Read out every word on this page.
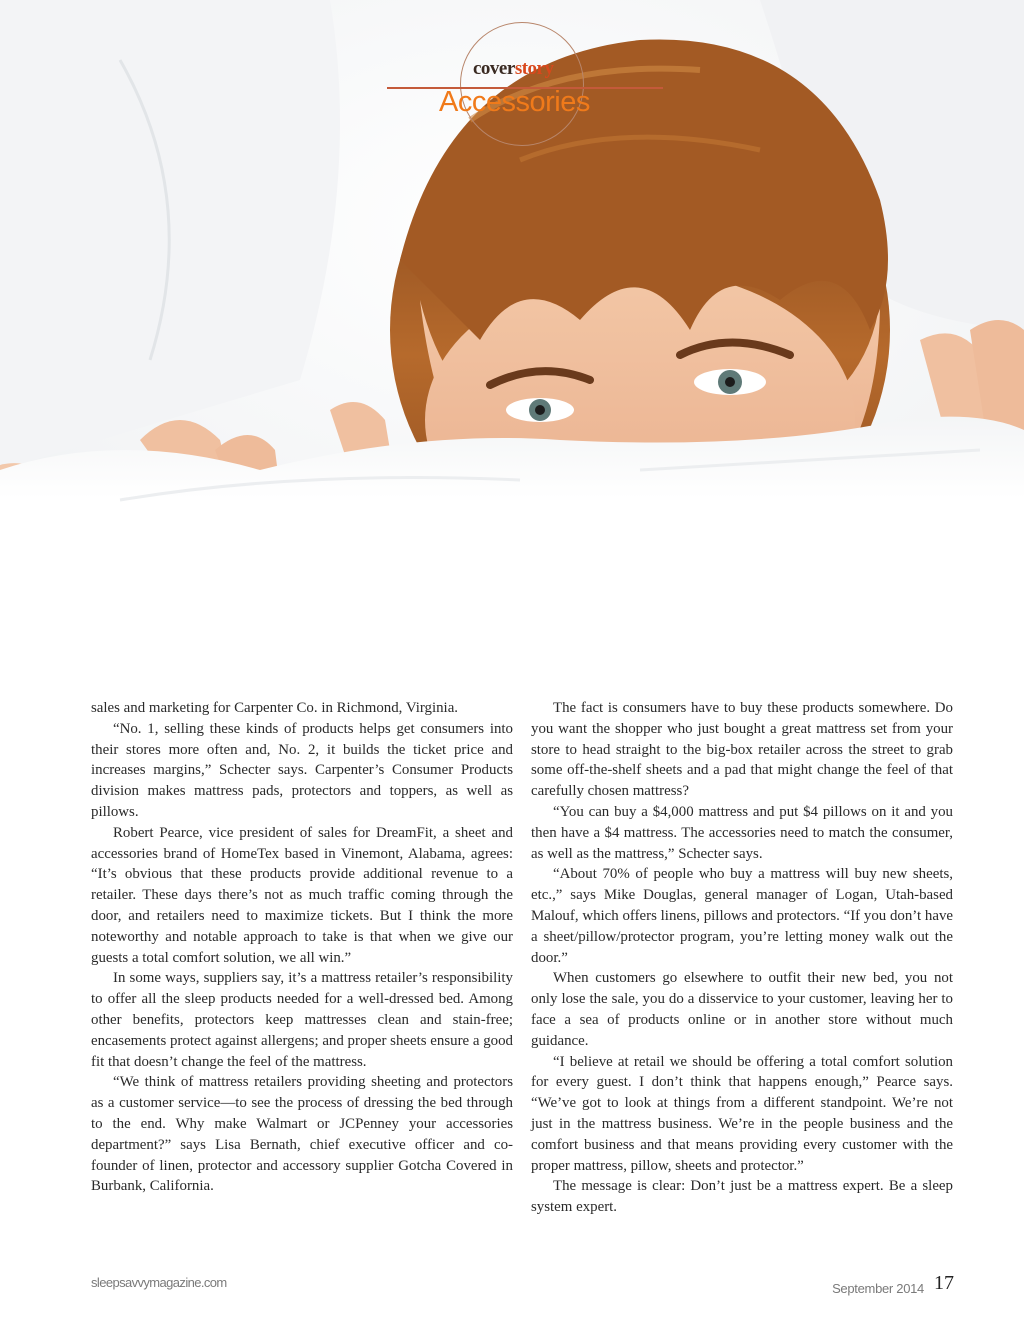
coverstory
Accessories

sales and marketing for Carpenter Co. in Richmond, Virginia.

“No. 1, selling these kinds of products helps get consumers into their stores more often and, No. 2, it builds the ticket price and increases margins,” Schecter says. Carpenter’s Consumer Products division makes mattress pads, protectors and toppers, as well as pillows.

Robert Pearce, vice president of sales for DreamFit, a sheet and accessories brand of HomeTex based in Vinemont, Alabama, agrees: “It’s obvious that these products provide additional revenue to a retailer. These days there’s not as much traffic coming through the door, and retailers need to maximize tickets. But I think the more noteworthy and notable approach to take is that when we give our guests a total comfort solution, we all win.”

In some ways, suppliers say, it’s a mattress retailer’s responsibility to offer all the sleep products needed for a well-dressed bed. Among other benefits, protectors keep mattresses clean and stain-free; encasements protect against allergens; and proper sheets ensure a good fit that doesn’t change the feel of the mattress.

“We think of mattress retailers providing sheeting and protectors as a customer service—to see the process of dressing the bed through to the end. Why make Walmart or JCPenney your accessories department?” says Lisa Bernath, chief executive officer and co-founder of linen, protector and accessory supplier Gotcha Covered in Burbank, California.

The fact is consumers have to buy these products somewhere. Do you want the shopper who just bought a great mattress set from your store to head straight to the big-box retailer across the street to grab some off-the-shelf sheets and a pad that might change the feel of that carefully chosen mattress?

“You can buy a $4,000 mattress and put $4 pillows on it and you then have a $4 mattress. The accessories need to match the consumer, as well as the mattress,” Schecter says.

“About 70% of people who buy a mattress will buy new sheets, etc.,” says Mike Douglas, general manager of Logan, Utah-based Malouf, which offers linens, pillows and protectors. “If you don’t have a sheet/pillow/protector program, you’re letting money walk out the door.”

When customers go elsewhere to outfit their new bed, you not only lose the sale, you do a disservice to your customer, leaving her to face a sea of products online or in another store without much guidance.

“I believe at retail we should be offering a total comfort solution for every guest. I don’t think that happens enough,” Pearce says. “We’ve got to look at things from a different standpoint. We’re not just in the mattress business. We’re in the people business and the comfort business and that means providing every customer with the proper mattress, pillow, sheets and protector.”

The message is clear: Don’t just be a mattress expert. Be a sleep system expert.

sleepsavvymagazine.com	September 2014 17
